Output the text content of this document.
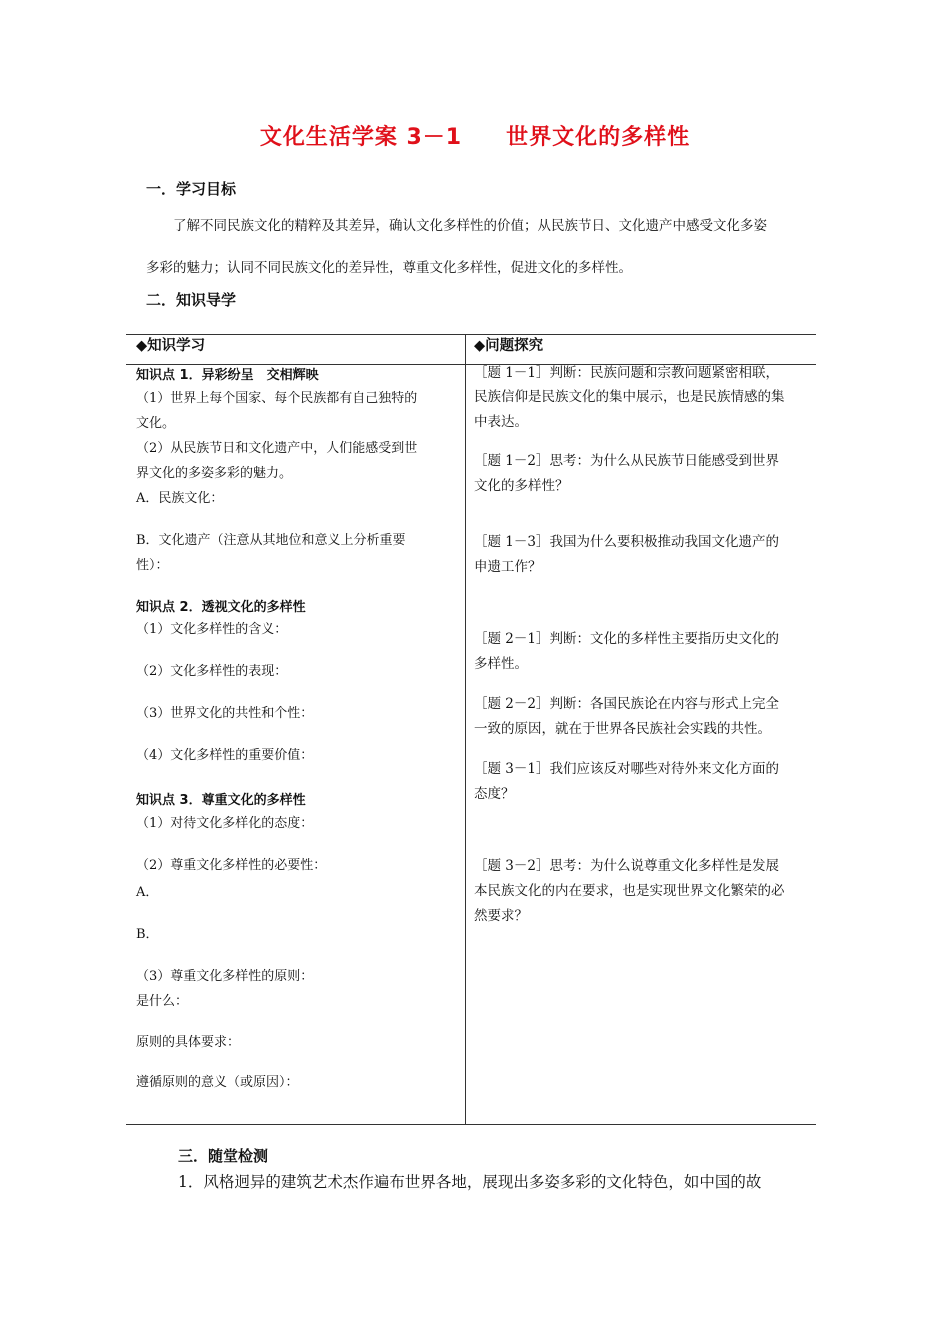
文化生活学案 3－1 世界文化的多样性
一．学习目标
了解不同民族文化的精粹及其差异，确认文化多样性的价值；从民族节日、文化遗产中感受文化多姿
多彩的魅力；认同不同民族文化的差异性，尊重文化多样性，促进文化的多样性。
二．知识导学
◆知识学习	◆问题探究
知识点 1．异彩纷呈　交相辉映
（1）世界上每个国家、每个民族都有自己独特的
文化。
（2）从民族节日和文化遗产中，人们能感受到世
界文化的多姿多彩的魅力。
A．民族文化：
B．文化遗产（注意从其地位和意义上分析重要
性）：
知识点 2．透视文化的多样性
（1）文化多样性的含义：
（2）文化多样性的表现：
（3）世界文化的共性和个性：
（4）文化多样性的重要价值：
知识点 3．尊重文化的多样性
（1）对待文化多样化的态度：
（2）尊重文化多样性的必要性：
A．
B．
（3）尊重文化多样性的原则：
是什么：
原则的具体要求：
遵循原则的意义（或原因）：
［题 1－1］判断：民族问题和宗教问题紧密相联，
民族信仰是民族文化的集中展示，也是民族情感的集
中表达。
［题 1－2］思考：为什么从民族节日能感受到世界
文化的多样性？
［题 1－3］我国为什么要积极推动我国文化遗产的
申遗工作？
［题 2－1］判断：文化的多样性主要指历史文化的
多样性。
［题 2－2］判断：各国民族论在内容与形式上完全
一致的原因，就在于世界各民族社会实践的共性。
［题 3－1］我们应该反对哪些对待外来文化方面的
态度？
［题 3－2］思考：为什么说尊重文化多样性是发展
本民族文化的内在要求，也是实现世界文化繁荣的必
然要求？
三．随堂检测
1．风格迥异的建筑艺术杰作遍布世界各地，展现出多姿多彩的文化特色，如中国的故
